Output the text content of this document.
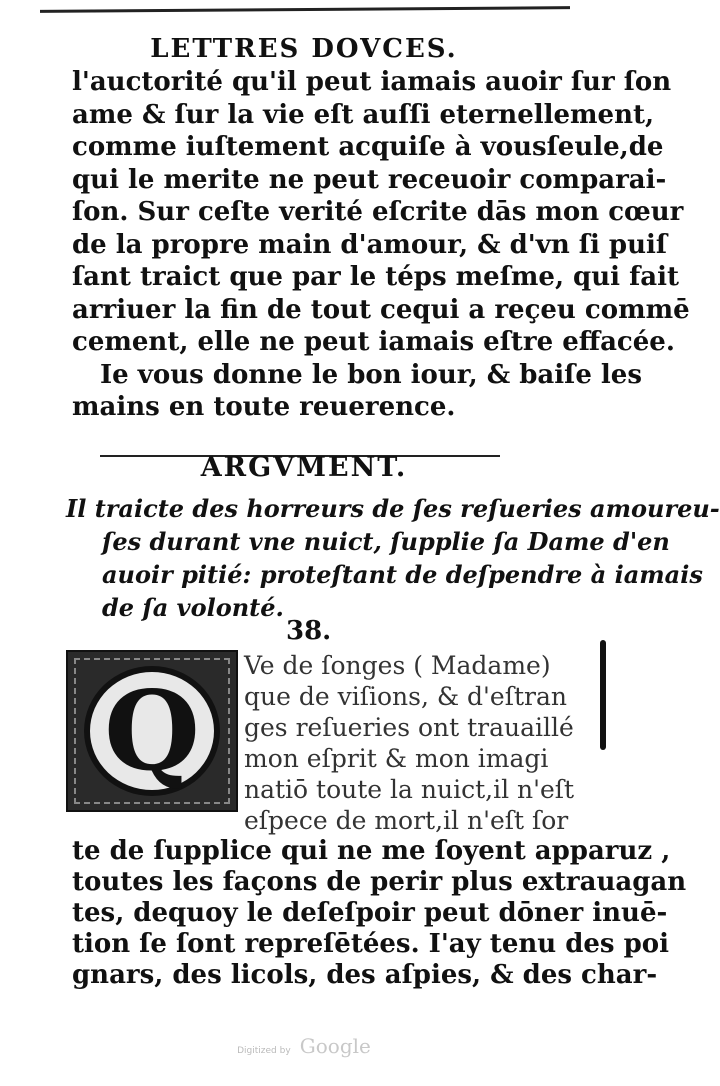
LETTRES DOVCES.
l'auctorité qu'il peut iamais auoir ſur ſon
ame & ſur la vie eſt auſſi eternellement,
comme iuſtement acquiſe à vousſeule,de
qui le merite ne peut receuoir comparai-
ſon. Sur ceſte verité eſcrite dās mon cœur
de la propre main d'amour, & d'vn ſi puiſ
ſant traict que par le téps meſme, qui fait
arriuer la fin de tout cequi a reçeu commē
cement, elle ne peut iamais eſtre effacée.
Ie vous donne le bon iour, & baiſe les
mains en toute reuerence.
ARGVMENT.
Il traicte des horreurs de ſes reſueries amoureu-
ſes durant vne nuict, ſupplie ſa Dame d'en
auoir pitié: proteſtant de deſpendre à iamais
de ſa volonté.
38.
Q
Ve de ſonges ( Madame)
que de viſions, & d'eſtran
ges reſueries ont trauaillé
mon eſprit & mon imagi
natiō toute la nuict,il n'eſt
eſpece de mort,il n'eſt ſor
te de ſupplice qui ne me ſoyent apparuz ,
toutes les façons de perir plus extrauagan
tes, dequoy le deſeſpoir peut dōner inuē-
tion ſe ſont repreſētées. I'ay tenu des poi
gnars, des licols, des aſpies, & des char-
Digitized by Google
